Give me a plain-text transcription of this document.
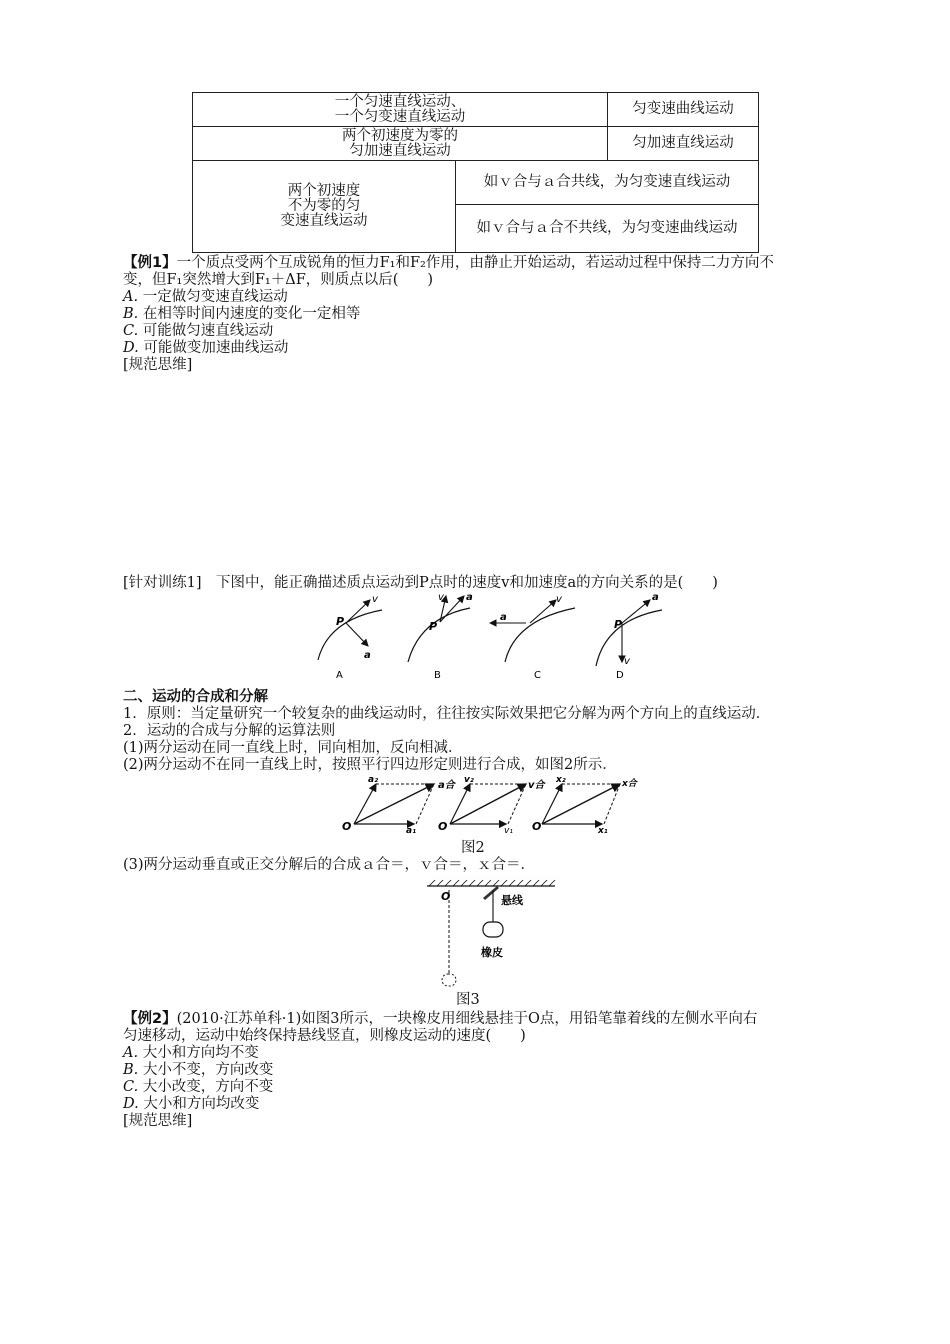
一个匀速直线运动、
一个匀变速直线运动		匀变速曲线运动

两个初速度为零的
匀加速直线运动		匀加速直线运动

两个初速度
不为零的匀
变速直线运动	如ｖ合与ａ合共线，为匀变速直线运动	
	如ｖ合与ａ合不共线，为匀变速曲线运动	
【例1】一个质点受两个互成锐角的恒力F₁和F₂作用，由静止开始运动，若运动过程中保持二力方向不
变，但F₁突然增大到F₁＋ΔF，则质点以后(　　)
A. 一定做匀变速直线运动
B. 在相等时间内速度的变化一定相等
C. 可能做匀速直线运动
D. 可能做变加速曲线运动
[规范思维]
[针对训练1]　下图中，能正确描述质点运动到P点时的速度v和加速度a的方向关系的是(　　)
P
v
a
A
P
v a
B
a
v
C
P
a
v
D
二、运动的合成和分解
1．原则：当定量研究一个较复杂的曲线运动时，往往按实际效果把它分解为两个方向上的直线运动．
2．运动的合成与分解的运算法则
(1)两分运动在同一直线上时，同向相加，反向相减．
(2)两分运动不在同一直线上时，按照平行四边形定则进行合成，如图2所示．
O
a₂	a合
a₁
v₂	v合
v₁ O
x₂	x合
x₁
O
图2
(3)两分运动垂直或正交分解后的合成ａ合＝，ｖ合＝，ｘ合＝．
O	悬线
橡皮
图3
【例2】(2010·江苏单科·1)如图3所示，一块橡皮用细线悬挂于O点，用铅笔靠着线的左侧水平向右
匀速移动，运动中始终保持悬线竖直，则橡皮运动的速度(　　)
A. 大小和方向均不变
B. 大小不变，方向改变
C. 大小改变，方向不变
D. 大小和方向均改变
[规范思维]
